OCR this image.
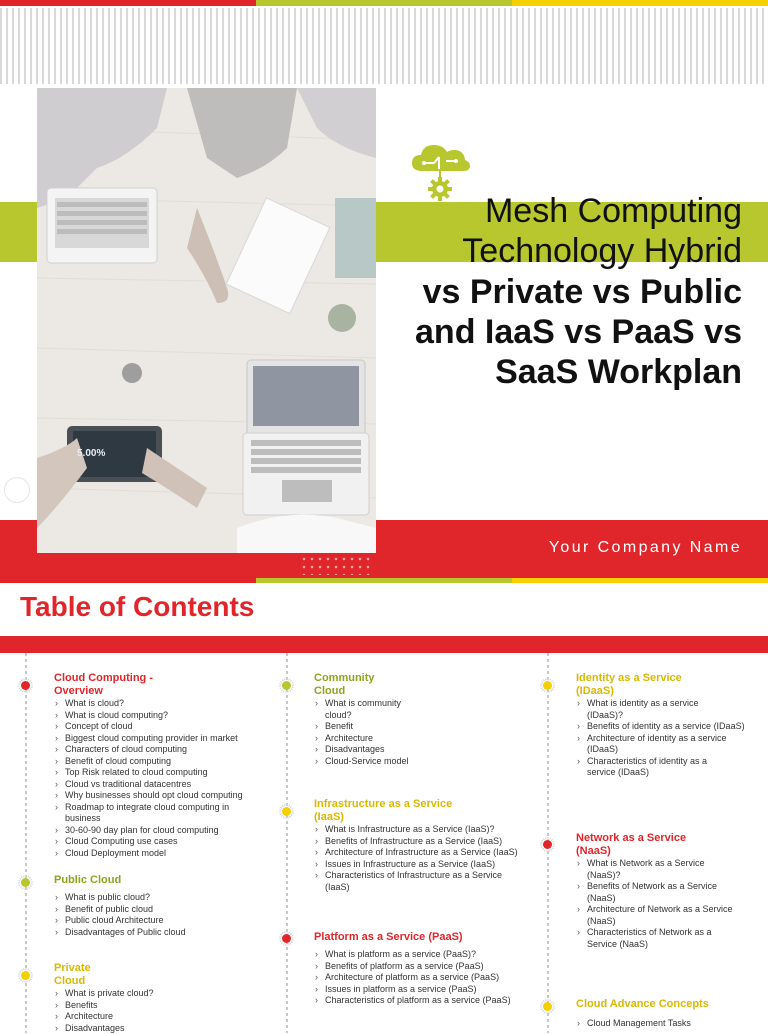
5.00%
Mesh Computing
Technology Hybrid
vs Private vs Public and IaaS vs PaaS vs SaaS Workplan
Your Company Name
Table of Contents
Cloud Computing - Overview
› What is cloud?
› What is cloud computing?
› Concept of cloud
› Biggest cloud computing provider in market
› Characters of cloud computing
› Benefit of cloud computing
› Top Risk related to cloud computing
› Cloud vs traditional datacentres
› Why businesses should opt cloud computing
› Roadmap to integrate cloud computing in business
› 30-60-90 day plan for cloud computing
› Cloud Computing use cases
› Cloud Deployment model
Public Cloud
› What is public cloud?
› Benefit of public cloud
› Public cloud Architecture
› Disadvantages of Public cloud
Private Cloud
› What is private cloud?
› Benefits
› Architecture
› Disadvantages
Community Cloud
› What is community cloud?
› Benefit
› Architecture
› Disadvantages
› Cloud-Service model
Infrastructure as a Service (IaaS)
› What is Infrastructure as a Service (IaaS)?
› Benefits of Infrastructure as a Service (IaaS)
› Architecture of Infrastructure as a Service (IaaS)
› Issues in Infrastructure as a Service (IaaS)
› Characteristics of Infrastructure as a Service (IaaS)
Platform as a Service (PaaS)
› What is platform as a service (PaaS)?
› Benefits of platform as a service (PaaS)
› Architecture of platform as a service (PaaS)
› Issues in platform as a service (PaaS)
› Characteristics of platform as a service (PaaS)
Identity as a Service (IDaaS)
› What is identity as a service (IDaaS)?
› Benefits of identity as a service (IDaaS)
› Architecture of identity as a service (IDaaS)
› Characteristics of identity as a service (IDaaS)
Network as a Service (NaaS)
› What is Network as a Service (NaaS)?
› Benefits of Network as a Service (NaaS)
› Architecture of Network as a Service (NaaS)
› Characteristics of Network as a Service (NaaS)
Cloud Advance Concepts
› Cloud Management Tasks
